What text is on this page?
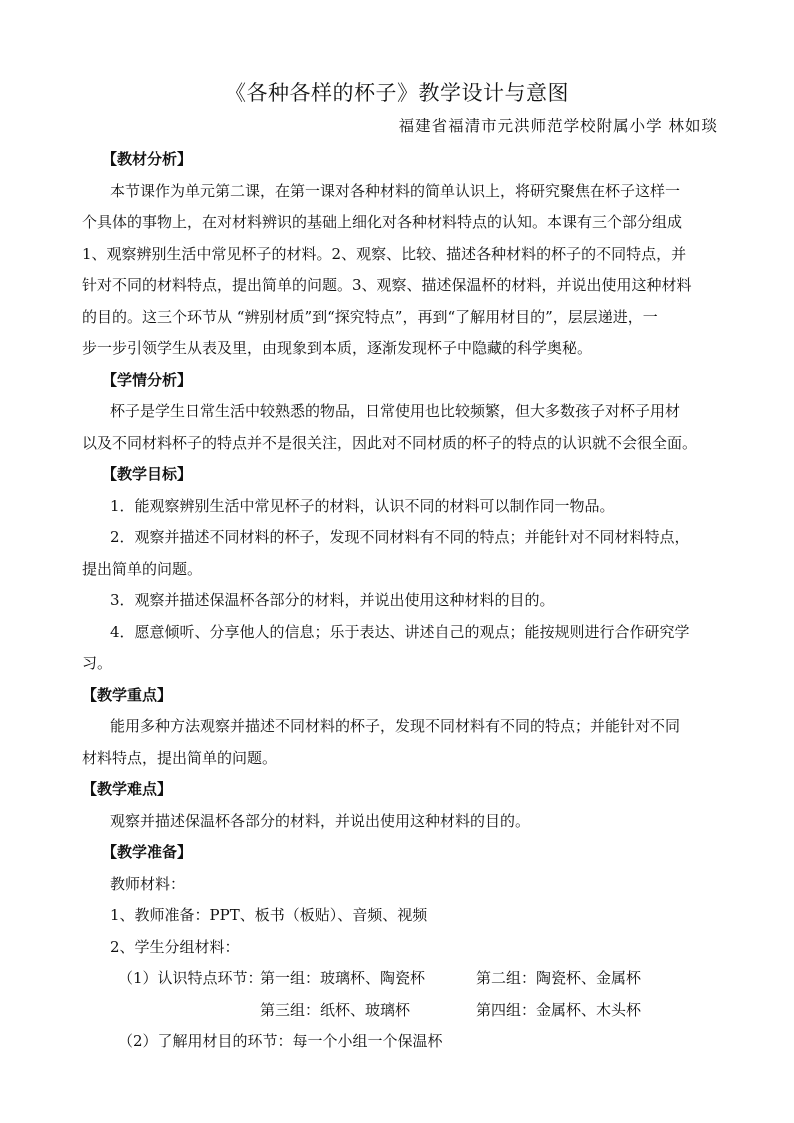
《各种各样的杯子》教学设计与意图
福建省福清市元洪师范学校附属小学 林如琰
【教材分析】
本节课作为单元第二课，在第一课对各种材料的简单认识上，将研究聚焦在杯子这样一
个具体的事物上，在对材料辨识的基础上细化对各种材料特点的认知。本课有三个部分组成
1、观察辨别生活中常见杯子的材料。2、观察、比较、描述各种材料的杯子的不同特点，并
针对不同的材料特点，提出简单的问题。3、观察、描述保温杯的材料，并说出使用这种材料
的目的。这三个环节从 “辨别材质”到“探究特点”，再到“了解用材目的”，层层递进，一
步一步引领学生从表及里，由现象到本质，逐渐发现杯子中隐藏的科学奥秘。
【学情分析】
杯子是学生日常生活中较熟悉的物品，日常使用也比较频繁，但大多数孩子对杯子用材
以及不同材料杯子的特点并不是很关注，因此对不同材质的杯子的特点的认识就不会很全面。
【教学目标】
1．能观察辨别生活中常见杯子的材料，认识不同的材料可以制作同一物品。
2．观察并描述不同材料的杯子，发现不同材料有不同的特点；并能针对不同材料特点，
提出简单的问题。
3．观察并描述保温杯各部分的材料，并说出使用这种材料的目的。
4．愿意倾听、分享他人的信息；乐于表达、讲述自己的观点；能按规则进行合作研究学
习。
【教学重点】
能用多种方法观察并描述不同材料的杯子，发现不同材料有不同的特点；并能针对不同
材料特点，提出简单的问题。
【教学难点】
观察并描述保温杯各部分的材料，并说出使用这种材料的目的。
【教学准备】
教师材料：
1、教师准备：PPT、板书（板贴）、音频、视频
2、学生分组材料：
（1）认识特点环节：第一组：玻璃杯、陶瓷杯	第二组：陶瓷杯、金属杯
第三组：纸杯、玻璃杯	第四组：金属杯、木头杯
（2）了解用材目的环节：每一个小组一个保温杯
